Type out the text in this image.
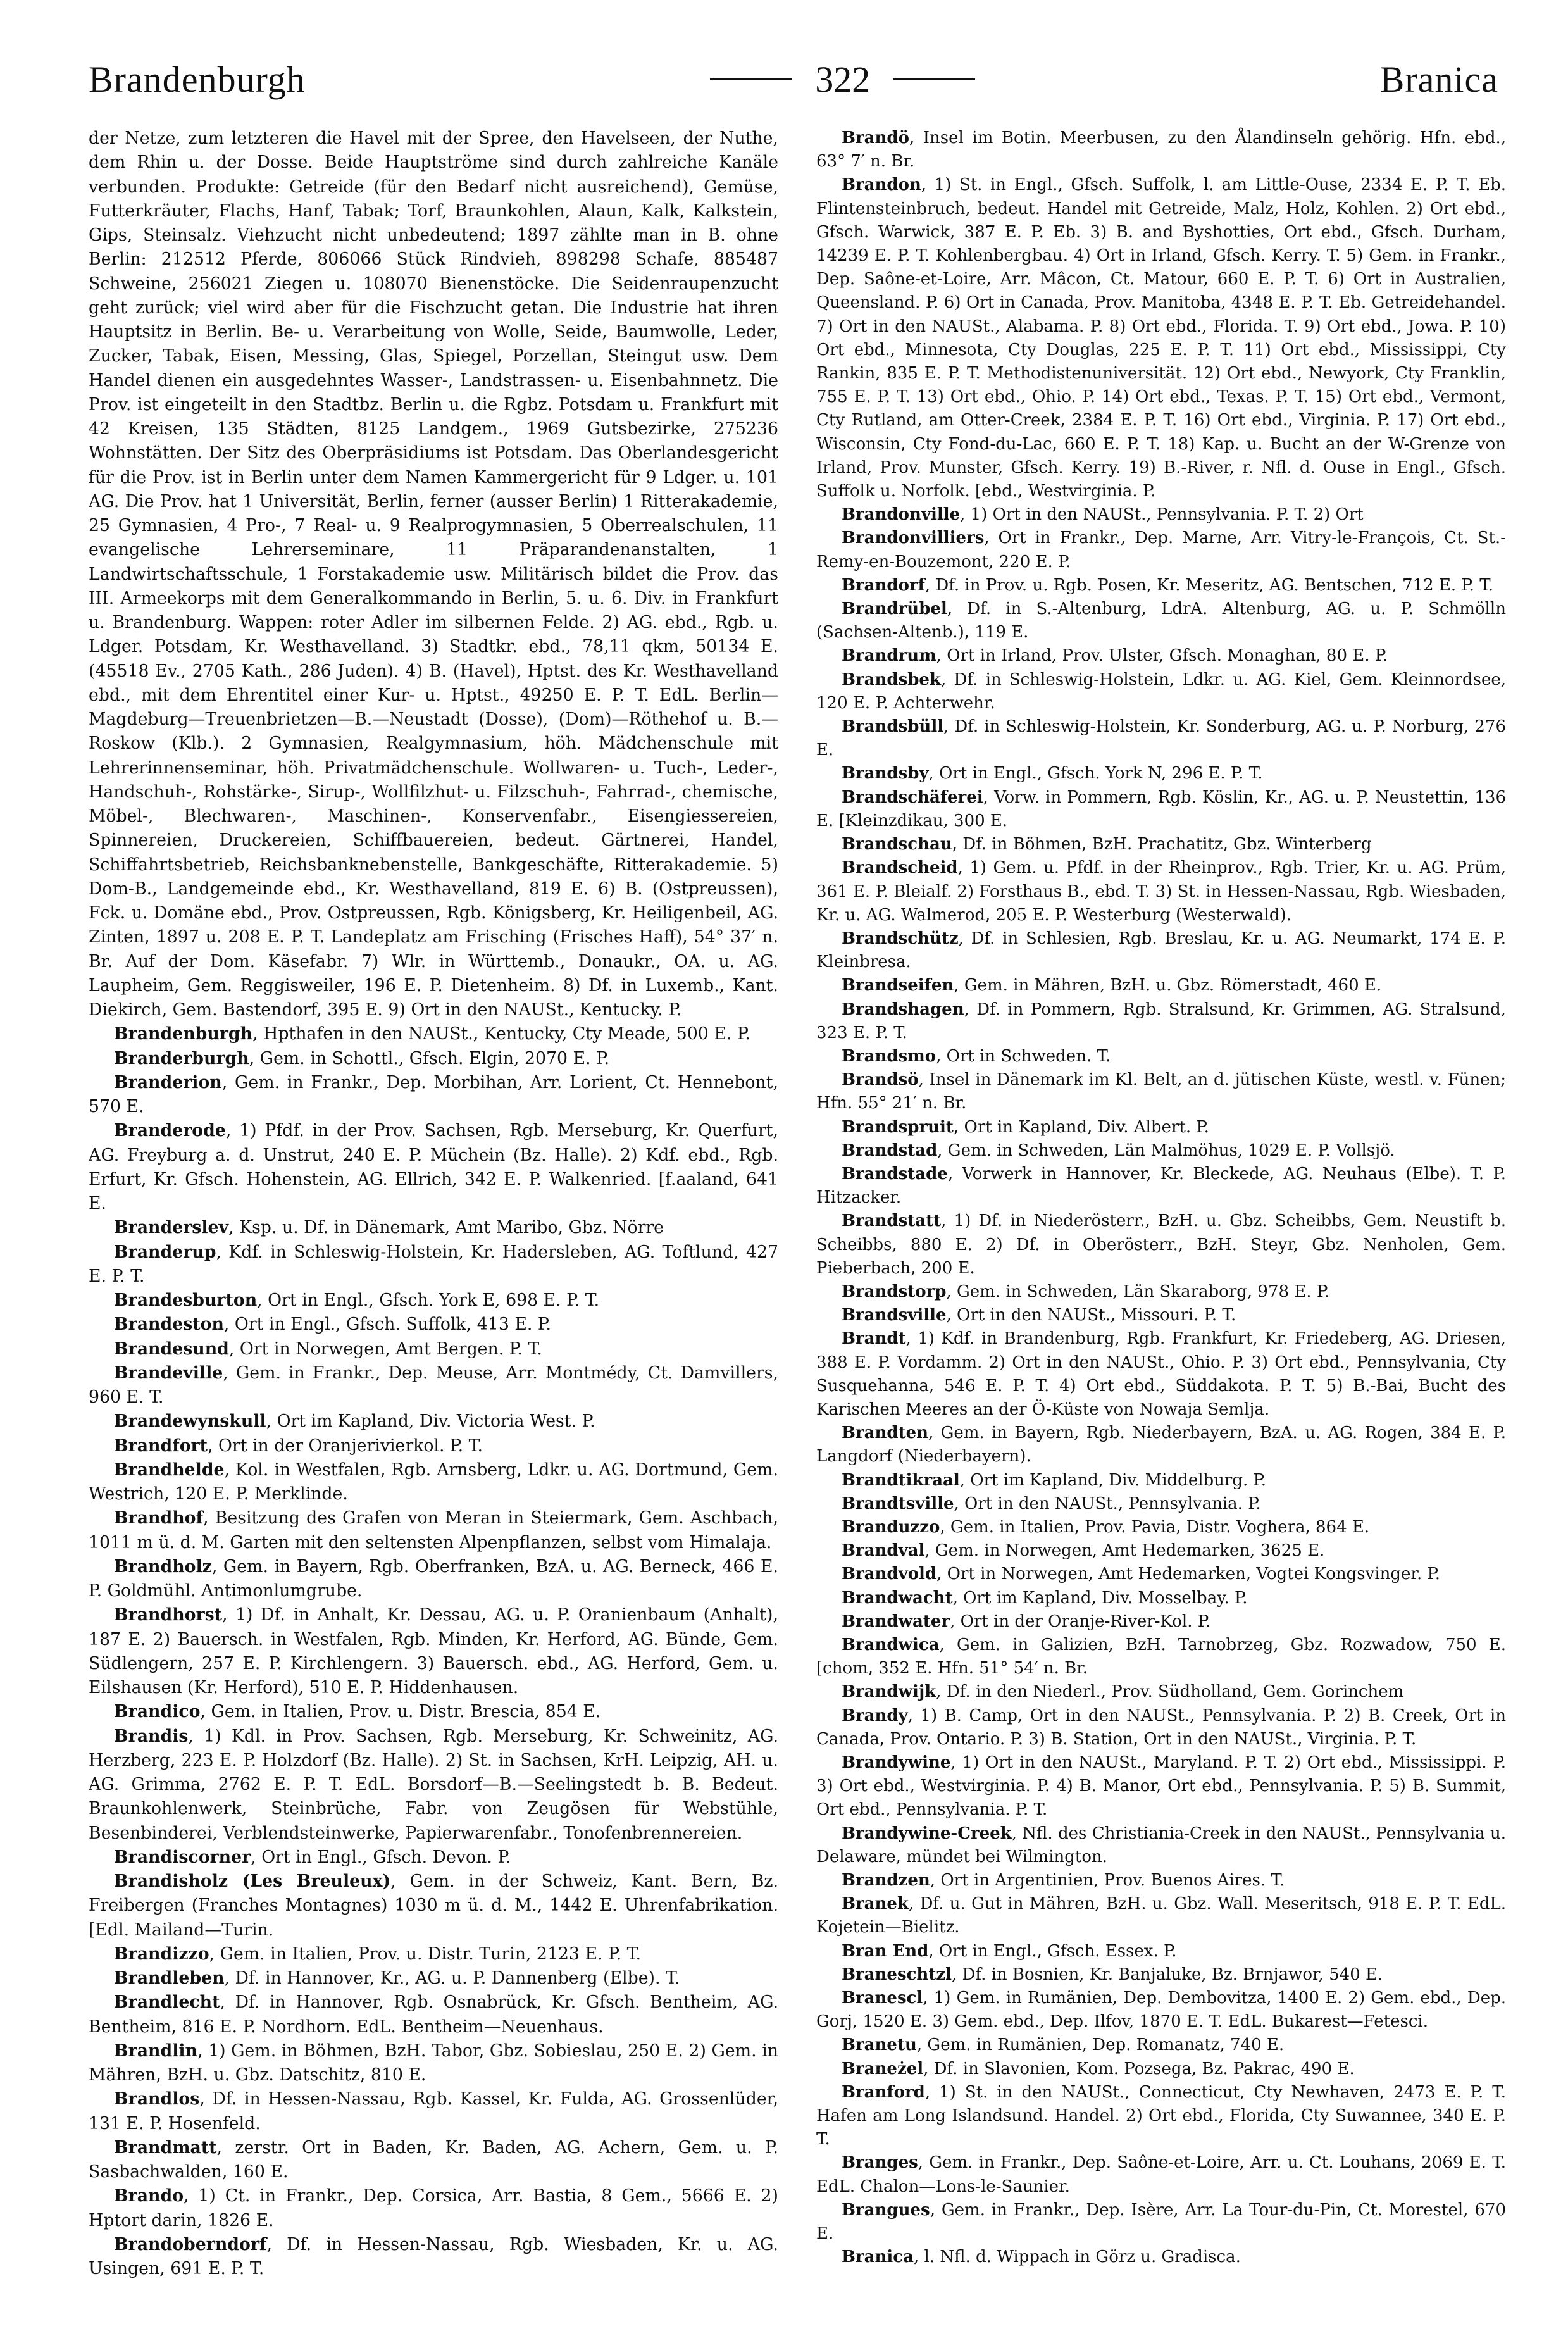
Brandenburgh	322	Branica

der Netze, zum letzteren die Havel mit der Spree, den Havelseen, der Nuthe, dem Rhin u. der Dosse. Beide Hauptströme sind durch zahlreiche Kanäle verbunden. Produkte: Getreide (für den Bedarf nicht ausreichend), Gemüse, Futterkräuter, Flachs, Hanf, Tabak; Torf, Braunkohlen, Alaun, Kalk, Kalkstein, Gips, Steinsalz. Viehzucht nicht unbedeutend; 1897 zählte man in B. ohne Berlin: 212512 Pferde, 806066 Stück Rindvieh, 898298 Schafe, 885487 Schweine, 256021 Ziegen u. 108070 Bienenstöcke. Die Seidenraupenzucht geht zurück; viel wird aber für die Fischzucht getan. Die Industrie hat ihren Hauptsitz in Berlin. Be- u. Verarbeitung von Wolle, Seide, Baumwolle, Leder, Zucker, Tabak, Eisen, Messing, Glas, Spiegel, Porzellan, Steingut usw. Dem Handel dienen ein ausgedehntes Wasser-, Landstrassen- u. Eisenbahnnetz. Die Prov. ist eingeteilt in den Stadtbz. Berlin u. die Rgbz. Potsdam u. Frankfurt mit 42 Kreisen, 135 Städten, 8125 Landgem., 1969 Gutsbezirke, 275236 Wohnstätten. Der Sitz des Oberpräsidiums ist Potsdam. Das Oberlandesgericht für die Prov. ist in Berlin unter dem Namen Kammergericht für 9 Ldger. u. 101 AG. Die Prov. hat 1 Universität, Berlin, ferner (ausser Berlin) 1 Ritterakademie, 25 Gymnasien, 4 Pro-, 7 Real- u. 9 Realprogymnasien, 5 Oberrealschulen, 11 evangelische Lehrerseminare, 11 Präparandenanstalten, 1 Landwirtschaftsschule, 1 Forstakademie usw. Militärisch bildet die Prov. das III. Armeekorps mit dem Generalkommando in Berlin, 5. u. 6. Div. in Frankfurt u. Brandenburg. Wappen: roter Adler im silbernen Felde. 2) AG. ebd., Rgb. u. Ldger. Potsdam, Kr. Westhavelland. 3) Stadtkr. ebd., 78,11 qkm, 50134 E. (45518 Ev., 2705 Kath., 286 Juden). 4) B. (Havel), Hptst. des Kr. Westhavelland ebd., mit dem Ehrentitel einer Kur- u. Hptst., 49250 E. P. T. EdL. Berlin—Magdeburg—Treuenbrietzen—B.—Neustadt (Dosse), (Dom)—Röthehof u. B.—Roskow (Klb.). 2 Gymnasien, Realgymnasium, höh. Mädchenschule mit Lehrerinnenseminar, höh. Privatmädchenschule. Wollwaren- u. Tuch-, Leder-, Handschuh-, Rohstärke-, Sirup-, Wollfilzhut- u. Filzschuh-, Fahrrad-, chemische, Möbel-, Blechwaren-, Maschinen-, Konservenfabr., Eisengiessereien, Spinnereien, Druckereien, Schiffbauereien, bedeut. Gärtnerei, Handel, Schiffahrtsbetrieb, Reichsbanknebenstelle, Bankgeschäfte, Ritterakademie. 5) Dom-B., Landgemeinde ebd., Kr. Westhavelland, 819 E. 6) B. (Ostpreussen), Fck. u. Domäne ebd., Prov. Ostpreussen, Rgb. Königsberg, Kr. Heiligenbeil, AG. Zinten, 1897 u. 208 E. P. T. Landeplatz am Frisching (Frisches Haff), 54° 37′ n. Br. Auf der Dom. Käsefabr. 7) Wlr. in Württemb., Donaukr., OA. u. AG. Laupheim, Gem. Reggisweiler, 196 E. P. Dietenheim. 8) Df. in Luxemb., Kant. Diekirch, Gem. Bastendorf, 395 E. 9) Ort in den NAUSt., Kentucky. P.

Brandenburgh, Hpthafen in den NAUSt., Kentucky, Cty Meade, 500 E. P.

Branderburgh, Gem. in Schottl., Gfsch. Elgin, 2070 E. P.

Branderion, Gem. in Frankr., Dep. Morbihan, Arr. Lorient, Ct. Hennebont, 570 E.

Branderode, 1) Pfdf. in der Prov. Sachsen, Rgb. Merseburg, Kr. Querfurt, AG. Freyburg a. d. Unstrut, 240 E. P. Müchein (Bz. Halle). 2) Kdf. ebd., Rgb. Erfurt, Kr. Gfsch. Hohenstein, AG. Ellrich, 342 E. P. Walkenried. [f.aaland, 641 E.

Branderslev, Ksp. u. Df. in Dänemark, Amt Maribo, Gbz. Nörre

Branderup, Kdf. in Schleswig-Holstein, Kr. Hadersleben, AG. Toftlund, 427 E. P. T.

Brandesburton, Ort in Engl., Gfsch. York E, 698 E. P. T.

Brandeston, Ort in Engl., Gfsch. Suffolk, 413 E. P.

Brandesund, Ort in Norwegen, Amt Bergen. P. T.

Brandeville, Gem. in Frankr., Dep. Meuse, Arr. Montmédy, Ct. Damvillers, 960 E. T.

Brandewynskull, Ort im Kapland, Div. Victoria West. P.

Brandfort, Ort in der Oranjerivierkol. P. T.

Brandhelde, Kol. in Westfalen, Rgb. Arnsberg, Ldkr. u. AG. Dortmund, Gem. Westrich, 120 E. P. Merklinde.

Brandhof, Besitzung des Grafen von Meran in Steiermark, Gem. Aschbach, 1011 m ü. d. M. Garten mit den seltensten Alpenpflanzen, selbst vom Himalaja.

Brandholz, Gem. in Bayern, Rgb. Oberfranken, BzA. u. AG. Berneck, 466 E. P. Goldmühl. Antimonlumgrube.

Brandhorst, 1) Df. in Anhalt, Kr. Dessau, AG. u. P. Oranienbaum (Anhalt), 187 E. 2) Bauersch. in Westfalen, Rgb. Minden, Kr. Herford, AG. Bünde, Gem. Südlengern, 257 E. P. Kirchlengern. 3) Bauersch. ebd., AG. Herford, Gem. u. Eilshausen (Kr. Herford), 510 E. P. Hiddenhausen.

Brandico, Gem. in Italien, Prov. u. Distr. Brescia, 854 E.

Brandis, 1) Kdl. in Prov. Sachsen, Rgb. Merseburg, Kr. Schweinitz, AG. Herzberg, 223 E. P. Holzdorf (Bz. Halle). 2) St. in Sachsen, KrH. Leipzig, AH. u. AG. Grimma, 2762 E. P. T. EdL. Borsdorf—B.—Seelingstedt b. B. Bedeut. Braunkohlenwerk, Steinbrüche, Fabr. von Zeugösen für Webstühle, Besenbinderei, Verblendsteinwerke, Papierwarenfabr., Tonofenbrennereien.

Brandiscorner, Ort in Engl., Gfsch. Devon. P.

Brandisholz (Les Breuleux), Gem. in der Schweiz, Kant. Bern, Bz. Freibergen (Franches Montagnes) 1030 m ü. d. M., 1442 E. Uhrenfabrikation. [Edl. Mailand—Turin.

Brandizzo, Gem. in Italien, Prov. u. Distr. Turin, 2123 E. P. T.

Brandleben, Df. in Hannover, Kr., AG. u. P. Dannenberg (Elbe). T.

Brandlecht, Df. in Hannover, Rgb. Osnabrück, Kr. Gfsch. Bentheim, AG. Bentheim, 816 E. P. Nordhorn. EdL. Bentheim—Neuenhaus.

Brandlin, 1) Gem. in Böhmen, BzH. Tabor, Gbz. Sobieslau, 250 E. 2) Gem. in Mähren, BzH. u. Gbz. Datschitz, 810 E.

Brandlos, Df. in Hessen-Nassau, Rgb. Kassel, Kr. Fulda, AG. Grossenlüder, 131 E. P. Hosenfeld.

Brandmatt, zerstr. Ort in Baden, Kr. Baden, AG. Achern, Gem. u. P. Sasbachwalden, 160 E.

Brando, 1) Ct. in Frankr., Dep. Corsica, Arr. Bastia, 8 Gem., 5666 E. 2) Hptort darin, 1826 E.

Brandoberndorf, Df. in Hessen-Nassau, Rgb. Wiesbaden, Kr. u. AG. Usingen, 691 E. P. T.

Brandö, Insel im Botin. Meerbusen, zu den Ålandinseln gehörig. Hfn. ebd., 63° 7′ n. Br.

Brandon, 1) St. in Engl., Gfsch. Suffolk, l. am Little-Ouse, 2334 E. P. T. Eb. Flintensteinbruch, bedeut. Handel mit Getreide, Malz, Holz, Kohlen. 2) Ort ebd., Gfsch. Warwick, 387 E. P. Eb. 3) B. and Byshotties, Ort ebd., Gfsch. Durham, 14239 E. P. T. Kohlenbergbau. 4) Ort in Irland, Gfsch. Kerry. T. 5) Gem. in Frankr., Dep. Saône-et-Loire, Arr. Mâcon, Ct. Matour, 660 E. P. T. 6) Ort in Australien, Queensland. P. 6) Ort in Canada, Prov. Manitoba, 4348 E. P. T. Eb. Getreidehandel. 7) Ort in den NAUSt., Alabama. P. 8) Ort ebd., Florida. T. 9) Ort ebd., Jowa. P. 10) Ort ebd., Minnesota, Cty Douglas, 225 E. P. T. 11) Ort ebd., Mississippi, Cty Rankin, 835 E. P. T. Methodistenuniversität. 12) Ort ebd., Newyork, Cty Franklin, 755 E. P. T. 13) Ort ebd., Ohio. P. 14) Ort ebd., Texas. P. T. 15) Ort ebd., Vermont, Cty Rutland, am Otter-Creek, 2384 E. P. T. 16) Ort ebd., Virginia. P. 17) Ort ebd., Wisconsin, Cty Fond-du-Lac, 660 E. P. T. 18) Kap. u. Bucht an der W-Grenze von Irland, Prov. Munster, Gfsch. Kerry. 19) B.-River, r. Nfl. d. Ouse in Engl., Gfsch. Suffolk u. Norfolk. [ebd., Westvirginia. P.

Brandonville, 1) Ort in den NAUSt., Pennsylvania. P. T. 2) Ort

Brandonvilliers, Ort in Frankr., Dep. Marne, Arr. Vitry-le-François, Ct. St.-Remy-en-Bouzemont, 220 E. P.

Brandorf, Df. in Prov. u. Rgb. Posen, Kr. Meseritz, AG. Bentschen, 712 E. P. T.

Brandrübel, Df. in S.-Altenburg, LdrA. Altenburg, AG. u. P. Schmölln (Sachsen-Altenb.), 119 E.

Brandrum, Ort in Irland, Prov. Ulster, Gfsch. Monaghan, 80 E. P.

Brandsbek, Df. in Schleswig-Holstein, Ldkr. u. AG. Kiel, Gem. Kleinnordsee, 120 E. P. Achterwehr.

Brandsbüll, Df. in Schleswig-Holstein, Kr. Sonderburg, AG. u. P. Norburg, 276 E.

Brandsby, Ort in Engl., Gfsch. York N, 296 E. P. T.

Brandschäferei, Vorw. in Pommern, Rgb. Köslin, Kr., AG. u. P. Neustettin, 136 E. [Kleinzdikau, 300 E.

Brandschau, Df. in Böhmen, BzH. Prachatitz, Gbz. Winterberg

Brandscheid, 1) Gem. u. Pfdf. in der Rheinprov., Rgb. Trier, Kr. u. AG. Prüm, 361 E. P. Bleialf. 2) Forsthaus B., ebd. T. 3) St. in Hessen-Nassau, Rgb. Wiesbaden, Kr. u. AG. Walmerod, 205 E. P. Westerburg (Westerwald).

Brandschütz, Df. in Schlesien, Rgb. Breslau, Kr. u. AG. Neumarkt, 174 E. P. Kleinbresa.

Brandseifen, Gem. in Mähren, BzH. u. Gbz. Römerstadt, 460 E.

Brandshagen, Df. in Pommern, Rgb. Stralsund, Kr. Grimmen, AG. Stralsund, 323 E. P. T.

Brandsmo, Ort in Schweden. T.

Brandsö, Insel in Dänemark im Kl. Belt, an d. jütischen Küste, westl. v. Fünen; Hfn. 55° 21′ n. Br.

Brandspruit, Ort in Kapland, Div. Albert. P.

Brandstad, Gem. in Schweden, Län Malmöhus, 1029 E. P. Vollsjö.

Brandstade, Vorwerk in Hannover, Kr. Bleckede, AG. Neuhaus (Elbe). T. P. Hitzacker.

Brandstatt, 1) Df. in Niederösterr., BzH. u. Gbz. Scheibbs, Gem. Neustift b. Scheibbs, 880 E. 2) Df. in Oberösterr., BzH. Steyr, Gbz. Nenholen, Gem. Pieberbach, 200 E.

Brandstorp, Gem. in Schweden, Län Skaraborg, 978 E. P.

Brandsville, Ort in den NAUSt., Missouri. P. T.

Brandt, 1) Kdf. in Brandenburg, Rgb. Frankfurt, Kr. Friedeberg, AG. Driesen, 388 E. P. Vordamm. 2) Ort in den NAUSt., Ohio. P. 3) Ort ebd., Pennsylvania, Cty Susquehanna, 546 E. P. T. 4) Ort ebd., Süddakota. P. T. 5) B.-Bai, Bucht des Karischen Meeres an der Ö-Küste von Nowaja Semlja.

Brandten, Gem. in Bayern, Rgb. Niederbayern, BzA. u. AG. Rogen, 384 E. P. Langdorf (Niederbayern).

Brandtikraal, Ort im Kapland, Div. Middelburg. P.

Brandtsville, Ort in den NAUSt., Pennsylvania. P.

Branduzzo, Gem. in Italien, Prov. Pavia, Distr. Voghera, 864 E.

Brandval, Gem. in Norwegen, Amt Hedemarken, 3625 E.

Brandvold, Ort in Norwegen, Amt Hedemarken, Vogtei Kongsvinger. P.

Brandwacht, Ort im Kapland, Div. Mosselbay. P.

Brandwater, Ort in der Oranje-River-Kol. P.

Brandwica, Gem. in Galizien, BzH. Tarnobrzeg, Gbz. Rozwadow, 750 E. [chom, 352 E. Hfn. 51° 54′ n. Br.

Brandwijk, Df. in den Niederl., Prov. Südholland, Gem. Gorinchem

Brandy, 1) B. Camp, Ort in den NAUSt., Pennsylvania. P. 2) B. Creek, Ort in Canada, Prov. Ontario. P. 3) B. Station, Ort in den NAUSt., Virginia. P. T.

Brandywine, 1) Ort in den NAUSt., Maryland. P. T. 2) Ort ebd., Mississippi. P. 3) Ort ebd., Westvirginia. P. 4) B. Manor, Ort ebd., Pennsylvania. P. 5) B. Summit, Ort ebd., Pennsylvania. P. T.

Brandywine-Creek, Nfl. des Christiania-Creek in den NAUSt., Pennsylvania u. Delaware, mündet bei Wilmington.

Brandzen, Ort in Argentinien, Prov. Buenos Aires. T.

Branek, Df. u. Gut in Mähren, BzH. u. Gbz. Wall. Meseritsch, 918 E. P. T. EdL. Kojetein—Bielitz.

Bran End, Ort in Engl., Gfsch. Essex. P.

Braneschtzl, Df. in Bosnien, Kr. Banjaluke, Bz. Brnjawor, 540 E.

Branescl, 1) Gem. in Rumänien, Dep. Dembovitza, 1400 E. 2) Gem. ebd., Dep. Gorj, 1520 E. 3) Gem. ebd., Dep. Ilfov, 1870 E. T. EdL. Bukarest—Fetesci.

Branetu, Gem. in Rumänien, Dep. Romanatz, 740 E.

Braneżel, Df. in Slavonien, Kom. Pozsega, Bz. Pakrac, 490 E.

Branford, 1) St. in den NAUSt., Connecticut, Cty Newhaven, 2473 E. P. T. Hafen am Long Islandsund. Handel. 2) Ort ebd., Florida, Cty Suwannee, 340 E. P. T.

Branges, Gem. in Frankr., Dep. Saône-et-Loire, Arr. u. Ct. Louhans, 2069 E. T. EdL. Chalon—Lons-le-Saunier.

Brangues, Gem. in Frankr., Dep. Isère, Arr. La Tour-du-Pin, Ct. Morestel, 670 E.

Branica, l. Nfl. d. Wippach in Görz u. Gradisca.
